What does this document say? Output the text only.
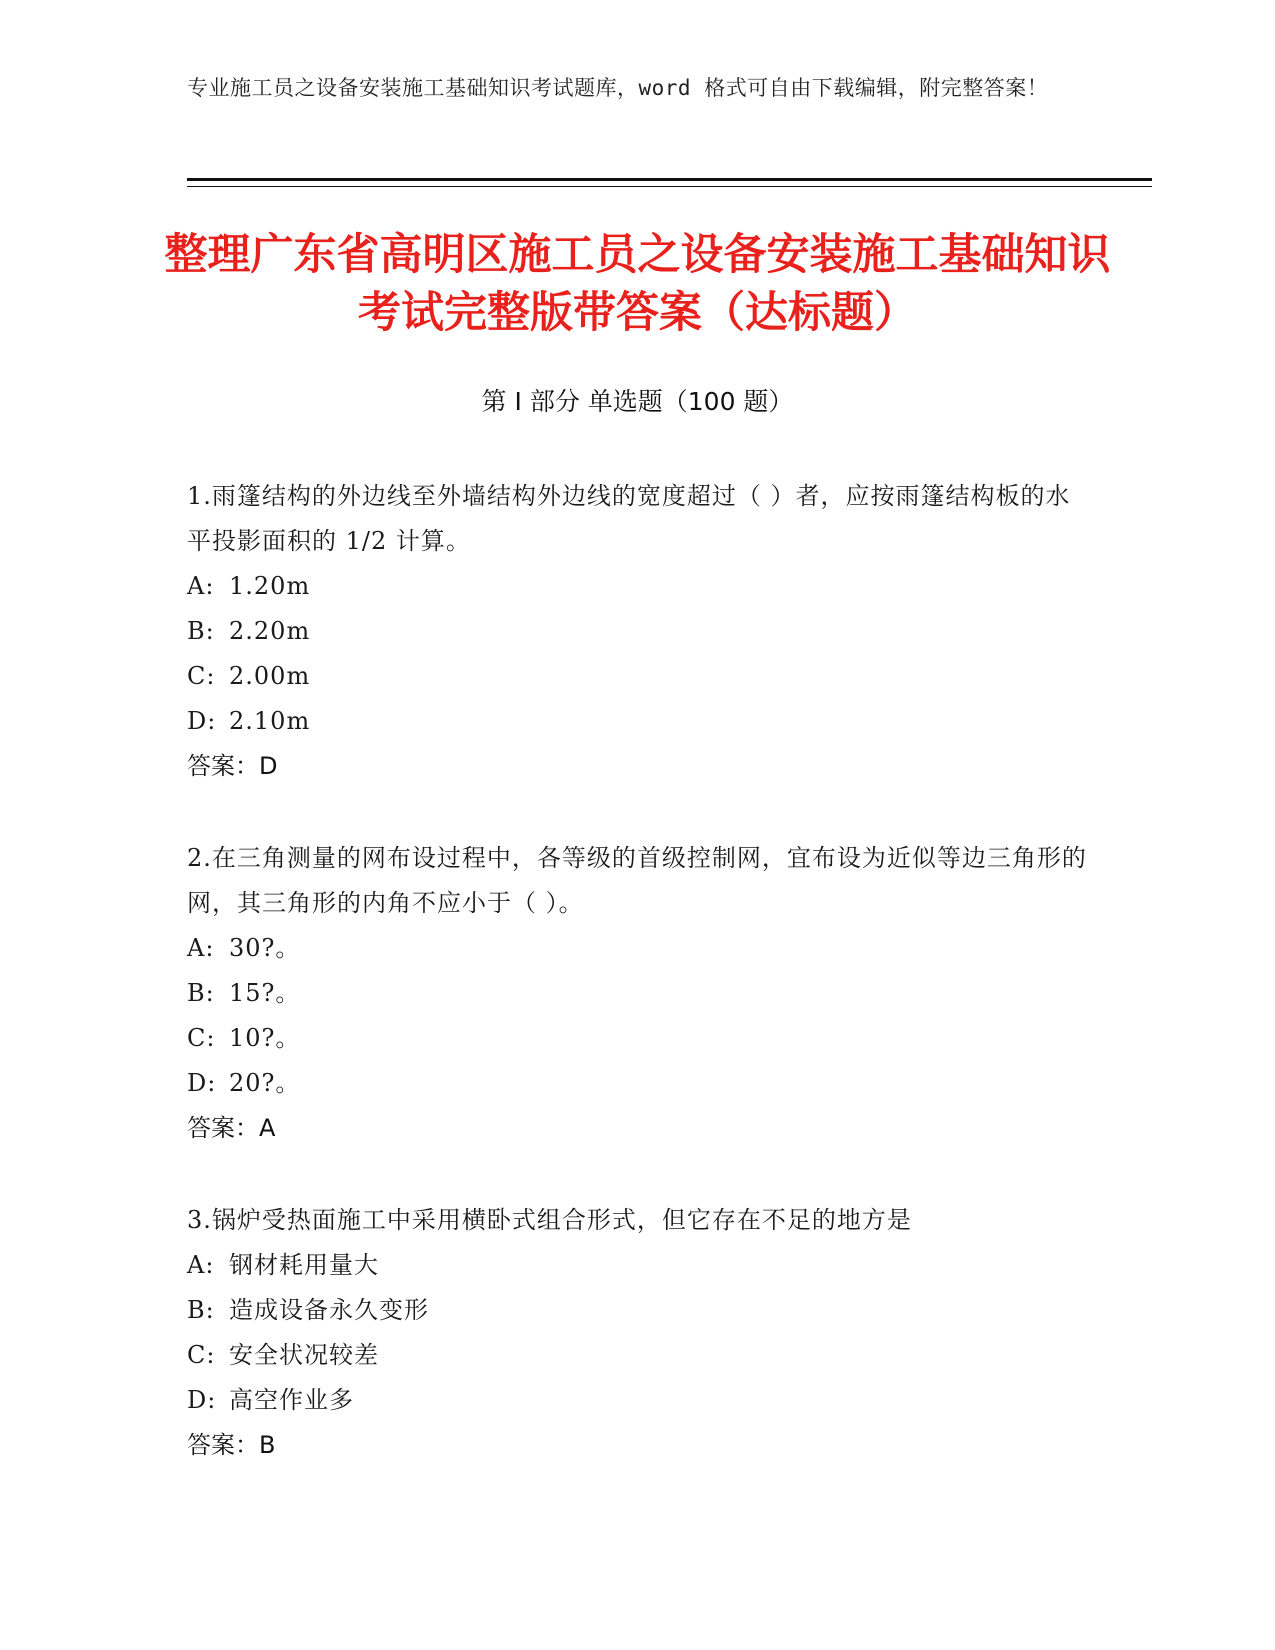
专业施工员之设备安装施工基础知识考试题库，word 格式可自由下载编辑，附完整答案！
整理广东省高明区施工员之设备安装施工基础知识考试完整版带答案（达标题）
第 I 部分 单选题（100 题）
1.雨篷结构的外边线至外墙结构外边线的宽度超过（ ）者，应按雨篷结构板的水平投影面积的 1/2 计算。
A: 1.20m
B: 2.20m
C: 2.00m
D: 2.10m
答案：D
2.在三角测量的网布设过程中，各等级的首级控制网，宜布设为近似等边三角形的网，其三角形的内角不应小于（ ）。
A: 30?。
B: 15?。
C: 10?。
D: 20?。
答案：A
3.锅炉受热面施工中采用横卧式组合形式，但它存在不足的地方是
A: 钢材耗用量大
B: 造成设备永久变形
C: 安全状况较差
D: 高空作业多
答案：B
